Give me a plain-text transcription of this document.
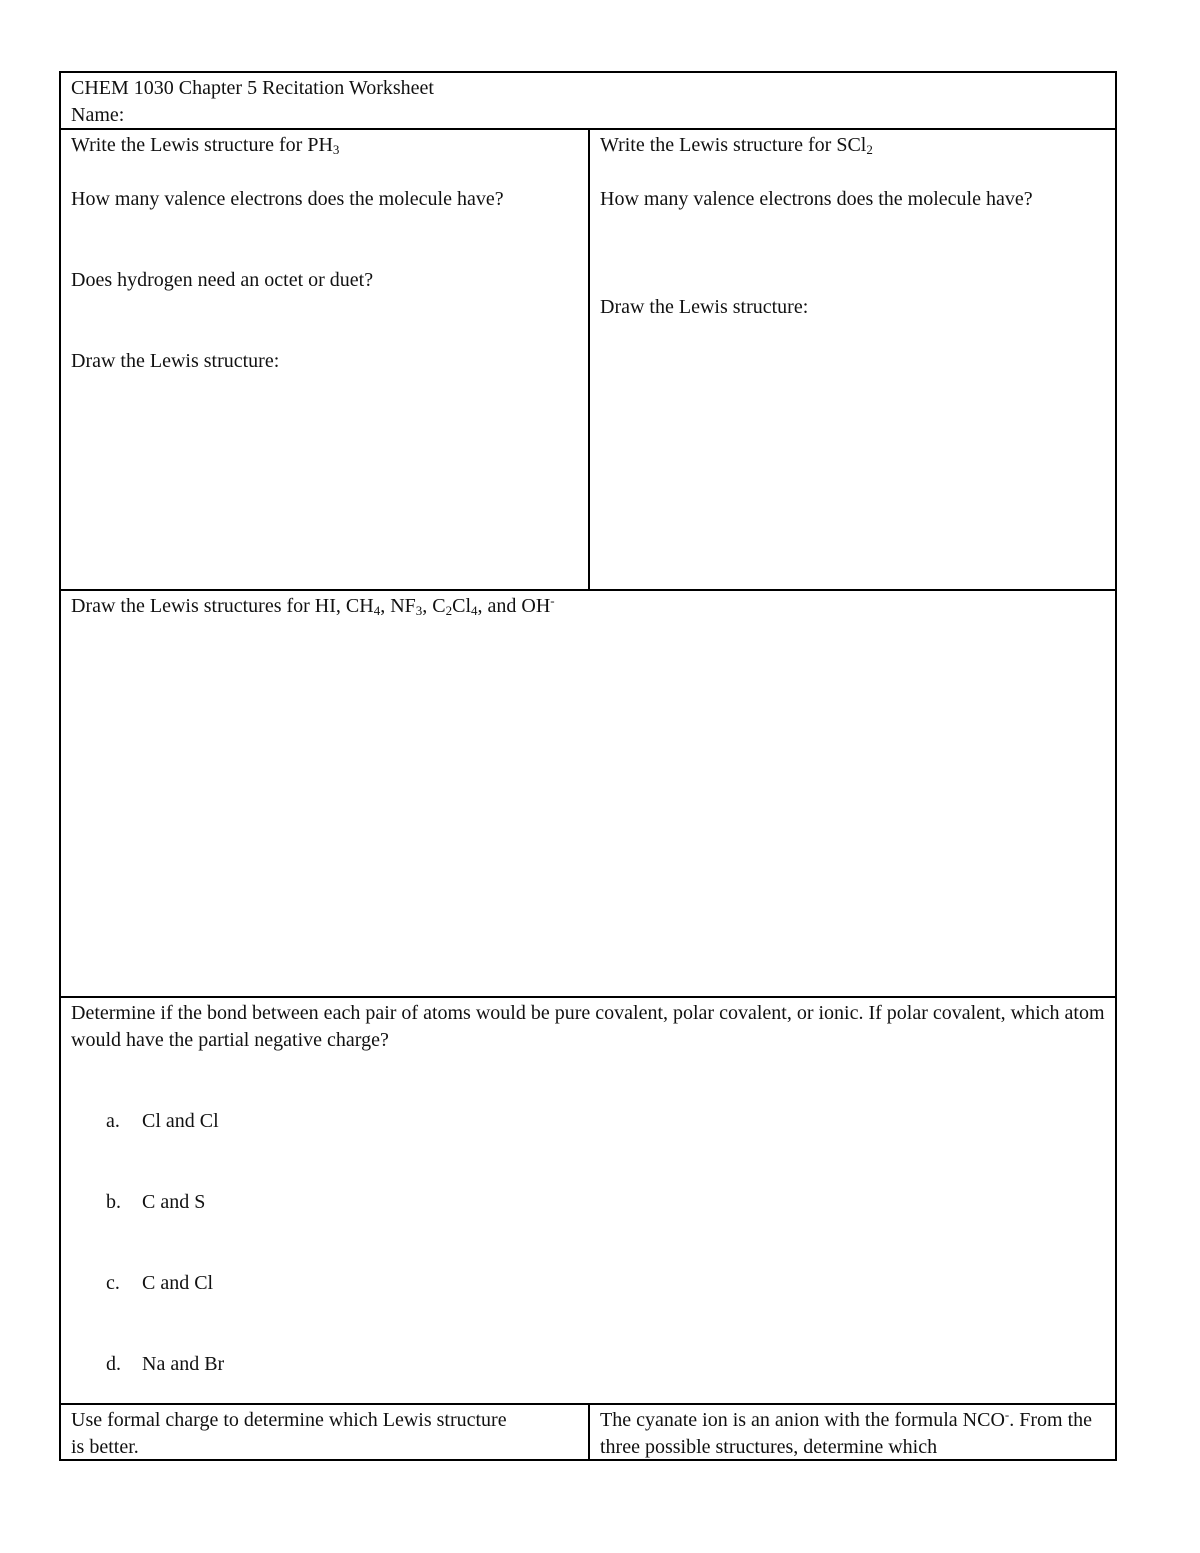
CHEM 1030 Chapter 5 Recitation Worksheet

Name:

Write the Lewis structure for $PH_3$

How many valence electrons does the molecule have?

Does hydrogen need an octet or duet?

Draw the Lewis structure:

Write the Lewis structure for SCl$_2$

How many valence electrons does the molecule have?

Draw the Lewis structure:

Draw the Lewis structures for HI, $CH_4$, $NF_3$, $C_2Cl_4$, and OH-

Determine if the bond between each pair of atoms would be pure covalent, polar covalent, or ionic. If polar covalent, which atom would have the partial negative charge?

a.	Cl and Cl
b.	C and S
c.	C and Cl
d.	Na and Br

Use formal charge to determine which Lewis structure is better.

The cyanate ion is an anion with the formula NCO-. From the three possible structures, determine which
